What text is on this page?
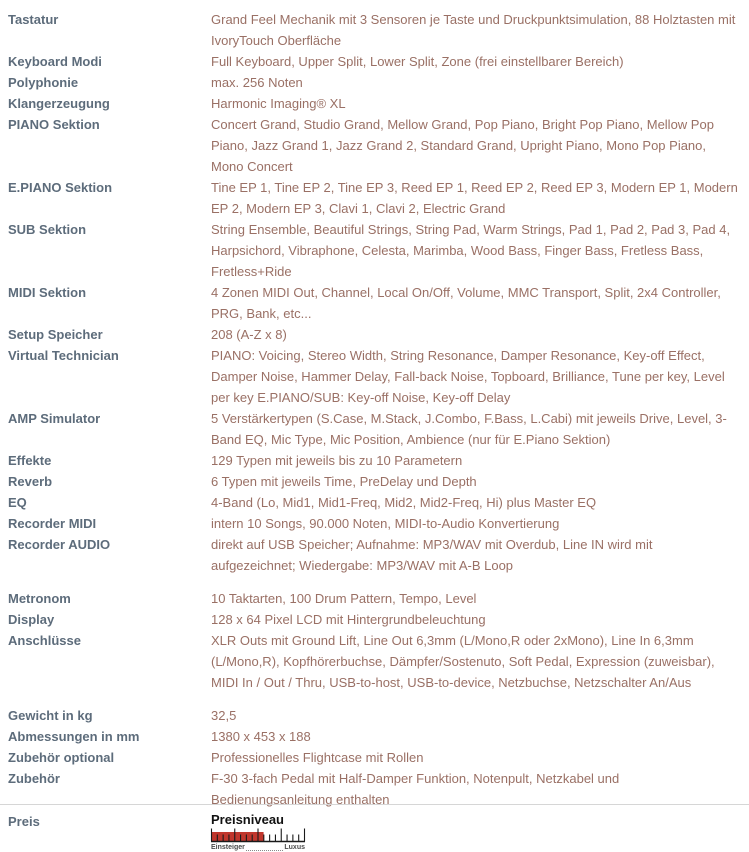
Tastatur	Grand Feel Mechanik mit 3 Sensoren je Taste und Druckpunktsimulation, 88 Holztasten mit IvoryTouch Oberfläche
Keyboard Modi	Full Keyboard, Upper Split, Lower Split, Zone (frei einstellbarer Bereich)
Polyphonie	max. 256 Noten
Klangerzeugung	Harmonic Imaging® XL
PIANO Sektion	Concert Grand, Studio Grand, Mellow Grand, Pop Piano, Bright Pop Piano, Mellow Pop Piano, Jazz Grand 1, Jazz Grand 2, Standard Grand, Upright Piano, Mono Pop Piano, Mono Concert
E.PIANO Sektion	Tine EP 1, Tine EP 2, Tine EP 3, Reed EP 1, Reed EP 2, Reed EP 3, Modern EP 1, Modern EP 2, Modern EP 3, Clavi 1, Clavi 2, Electric Grand
SUB Sektion	String Ensemble, Beautiful Strings, String Pad, Warm Strings, Pad 1, Pad 2, Pad 3, Pad 4, Harpsichord, Vibraphone, Celesta, Marimba, Wood Bass, Finger Bass, Fretless Bass, Fretless+Ride
MIDI Sektion	4 Zonen MIDI Out, Channel, Local On/Off, Volume, MMC Transport, Split, 2x4 Controller, PRG, Bank, etc...
Setup Speicher	208 (A-Z x 8)
Virtual Technician	PIANO: Voicing, Stereo Width, String Resonance, Damper Resonance, Key-off Effect, Damper Noise, Hammer Delay, Fall-back Noise, Topboard, Brilliance, Tune per key, Level per key E.PIANO/SUB: Key-off Noise, Key-off Delay
AMP Simulator	5 Verstärkertypen (S.Case, M.Stack, J.Combo, F.Bass, L.Cabi) mit jeweils Drive, Level, 3-Band EQ, Mic Type, Mic Position, Ambience (nur für E.Piano Sektion)
Effekte	129 Typen mit jeweils bis zu 10 Parametern
Reverb	6 Typen mit jeweils Time, PreDelay und Depth
EQ	4-Band (Lo, Mid1, Mid1-Freq, Mid2, Mid2-Freq, Hi) plus Master EQ
Recorder MIDI	intern 10 Songs, 90.000 Noten, MIDI-to-Audio Konvertierung
Recorder AUDIO	direkt auf USB Speicher; Aufnahme: MP3/WAV mit Overdub, Line IN wird mit aufgezeichnet; Wiedergabe: MP3/WAV mit A-B Loop
Metronom	10 Taktarten, 100 Drum Pattern, Tempo, Level
Display	128 x 64 Pixel LCD mit Hintergrundbeleuchtung
Anschlüsse	XLR Outs mit Ground Lift, Line Out 6,3mm (L/Mono,R oder 2xMono), Line In 6,3mm (L/Mono,R), Kopfhörerbuchse, Dämpfer/Sostenuto, Soft Pedal, Expression (zuweisbar), MIDI In / Out / Thru, USB-to-host, USB-to-device, Netzbuchse, Netzschalter An/Aus
Gewicht in kg	32,5
Abmessungen in mm	1380 x 453 x 188
Zubehör optional	Professionelles Flightcase mit Rollen
Zubehör	F-30 3-fach Pedal mit Half-Damper Funktion, Notenpult, Netzkabel und Bedienungsanleitung enthalten
Preis	Preisniveau
Einsteiger	Luxus
